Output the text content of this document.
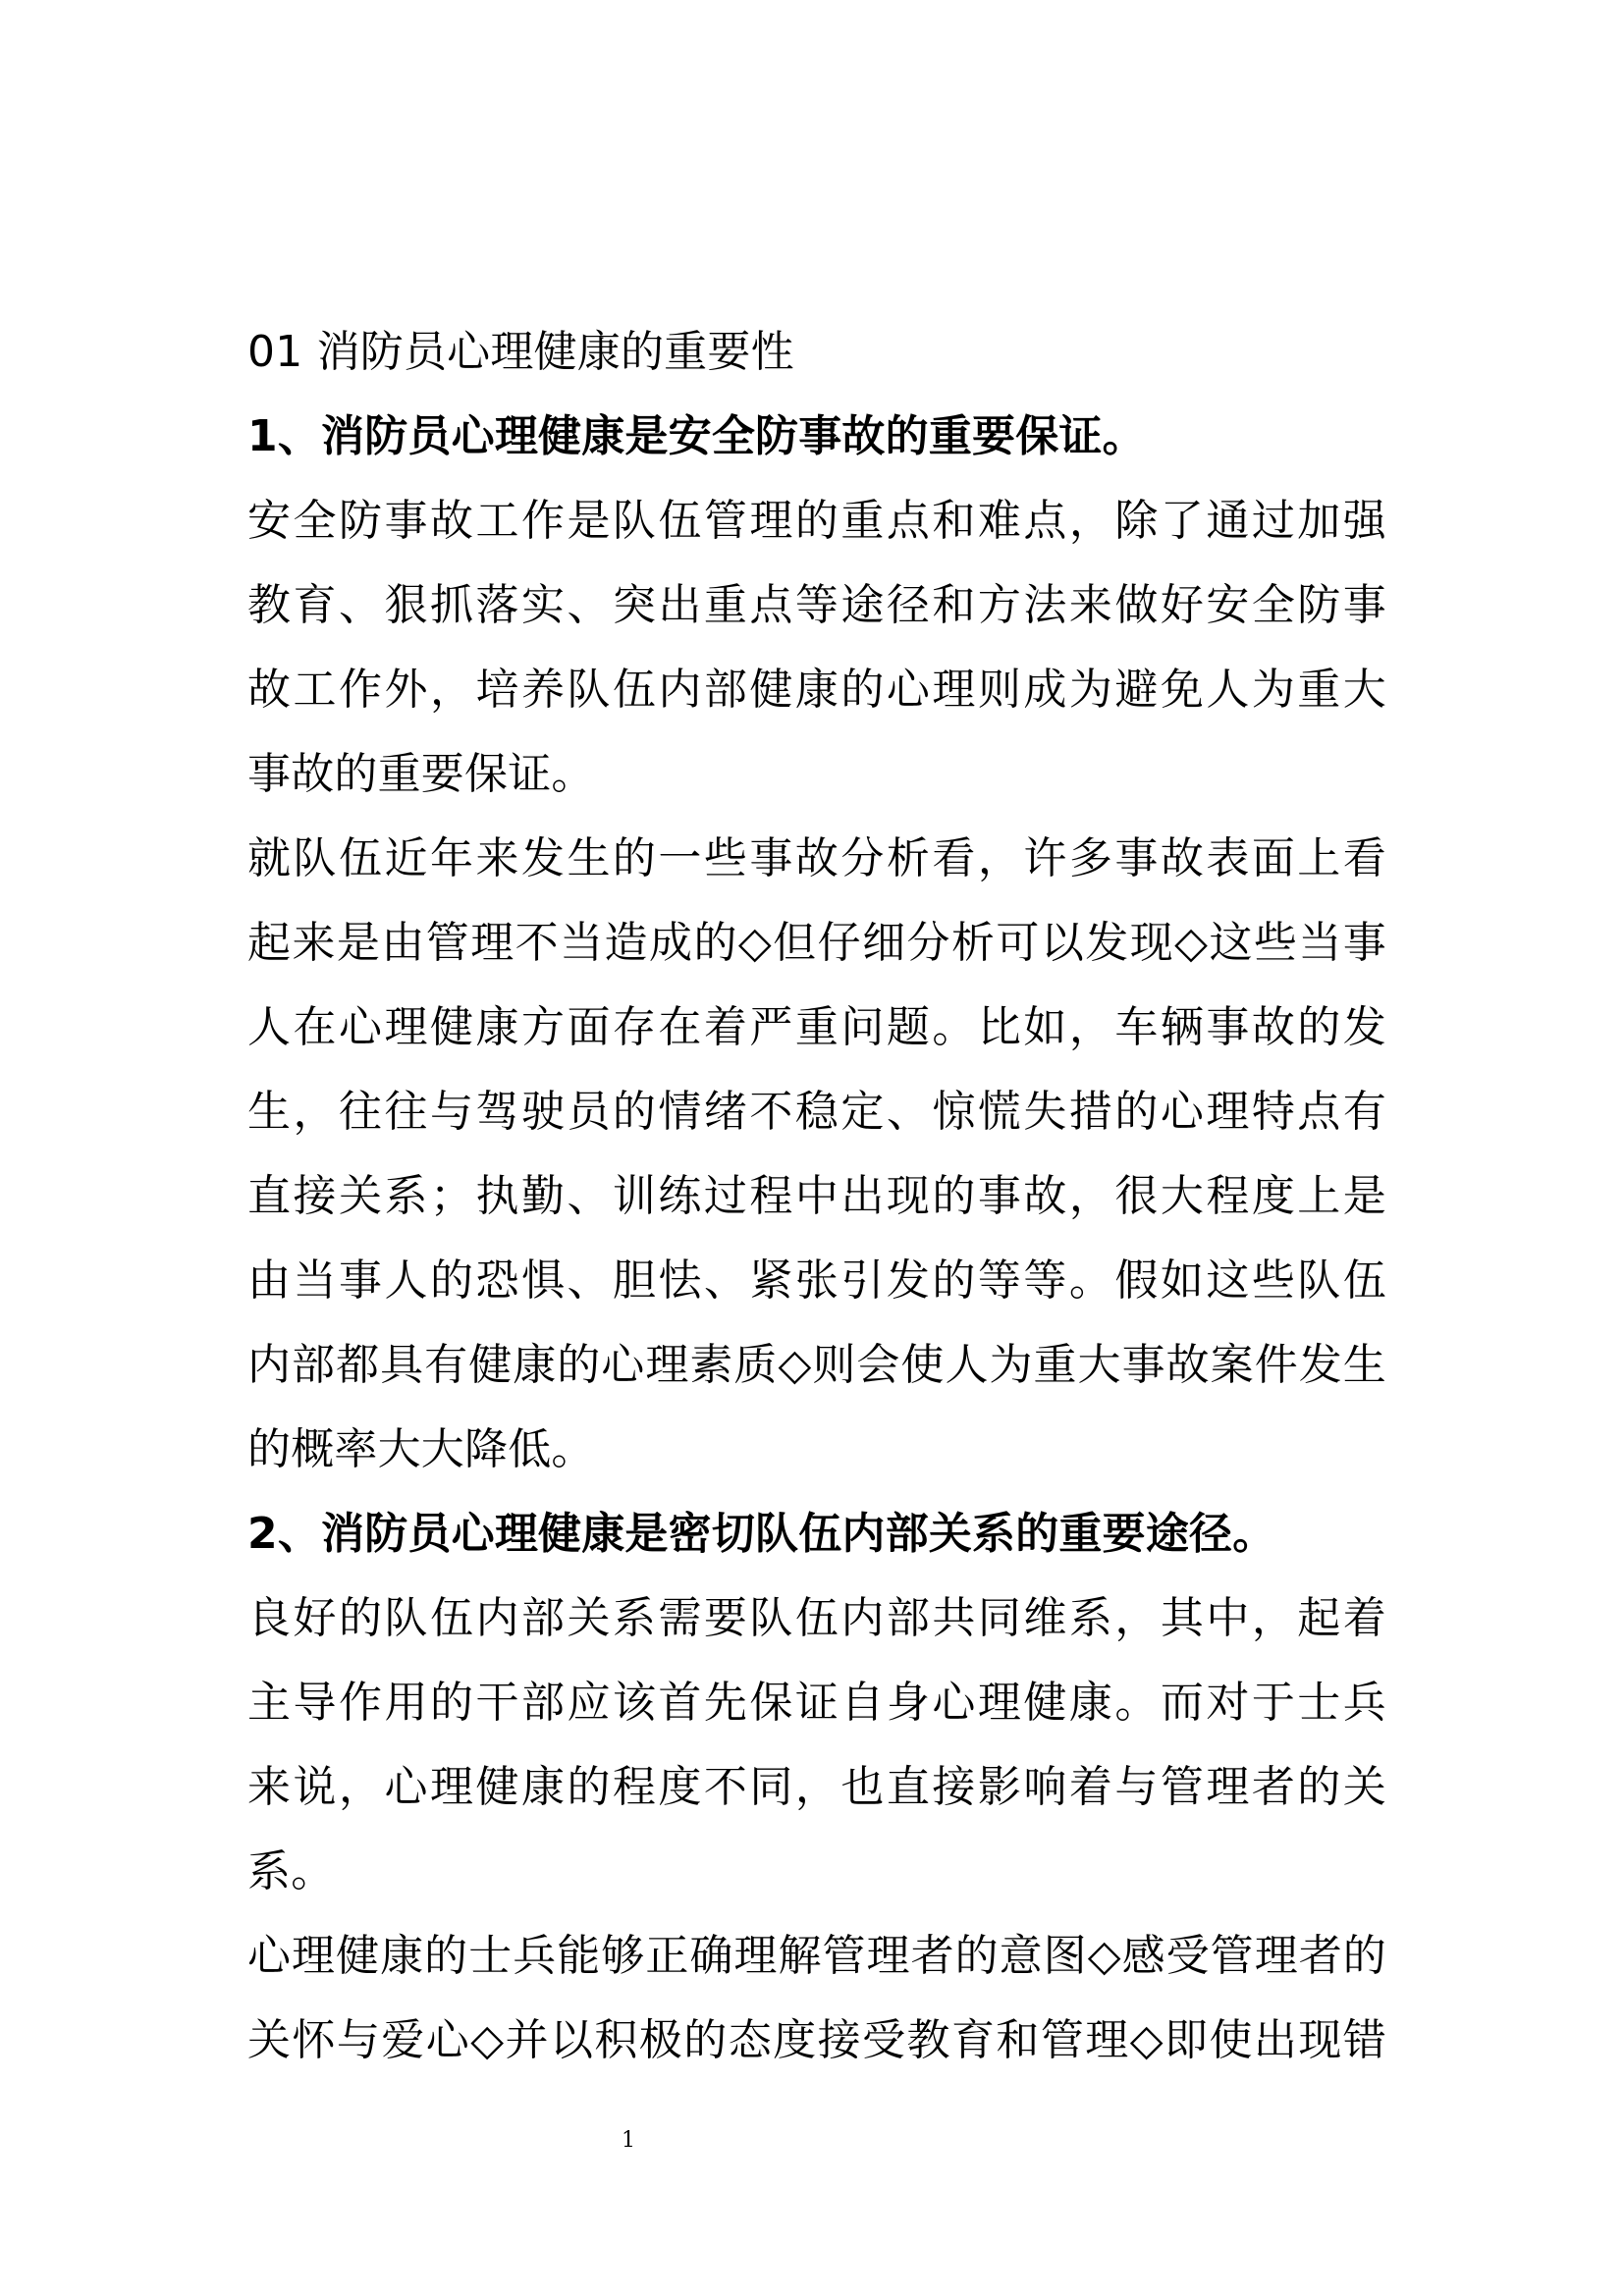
01 消防员心理健康的重要性
1、消防员心理健康是安全防事故的重要保证。
安全防事故工作是队伍管理的重点和难点，除了通过加强
教育、狠抓落实、突出重点等途径和方法来做好安全防事
故工作外，培养队伍内部健康的心理则成为避免人为重大
事故的重要保证。
就队伍近年来发生的一些事故分析看，许多事故表面上看
起来是由管理不当造成的◇但仔细分析可以发现◇这些当事
人在心理健康方面存在着严重问题。比如，车辆事故的发
生，往往与驾驶员的情绪不稳定、惊慌失措的心理特点有
直接关系；执勤、训练过程中出现的事故，很大程度上是
由当事人的恐惧、胆怯、紧张引发的等等。假如这些队伍
内部都具有健康的心理素质◇则会使人为重大事故案件发生
的概率大大降低。
2、消防员心理健康是密切队伍内部关系的重要途径。
良好的队伍内部关系需要队伍内部共同维系，其中，起着
主导作用的干部应该首先保证自身心理健康。而对于士兵
来说，心理健康的程度不同，也直接影响着与管理者的关
系。
心理健康的士兵能够正确理解管理者的意图◇感受管理者的
关怀与爱心◇并以积极的态度接受教育和管理◇即使出现错
1
